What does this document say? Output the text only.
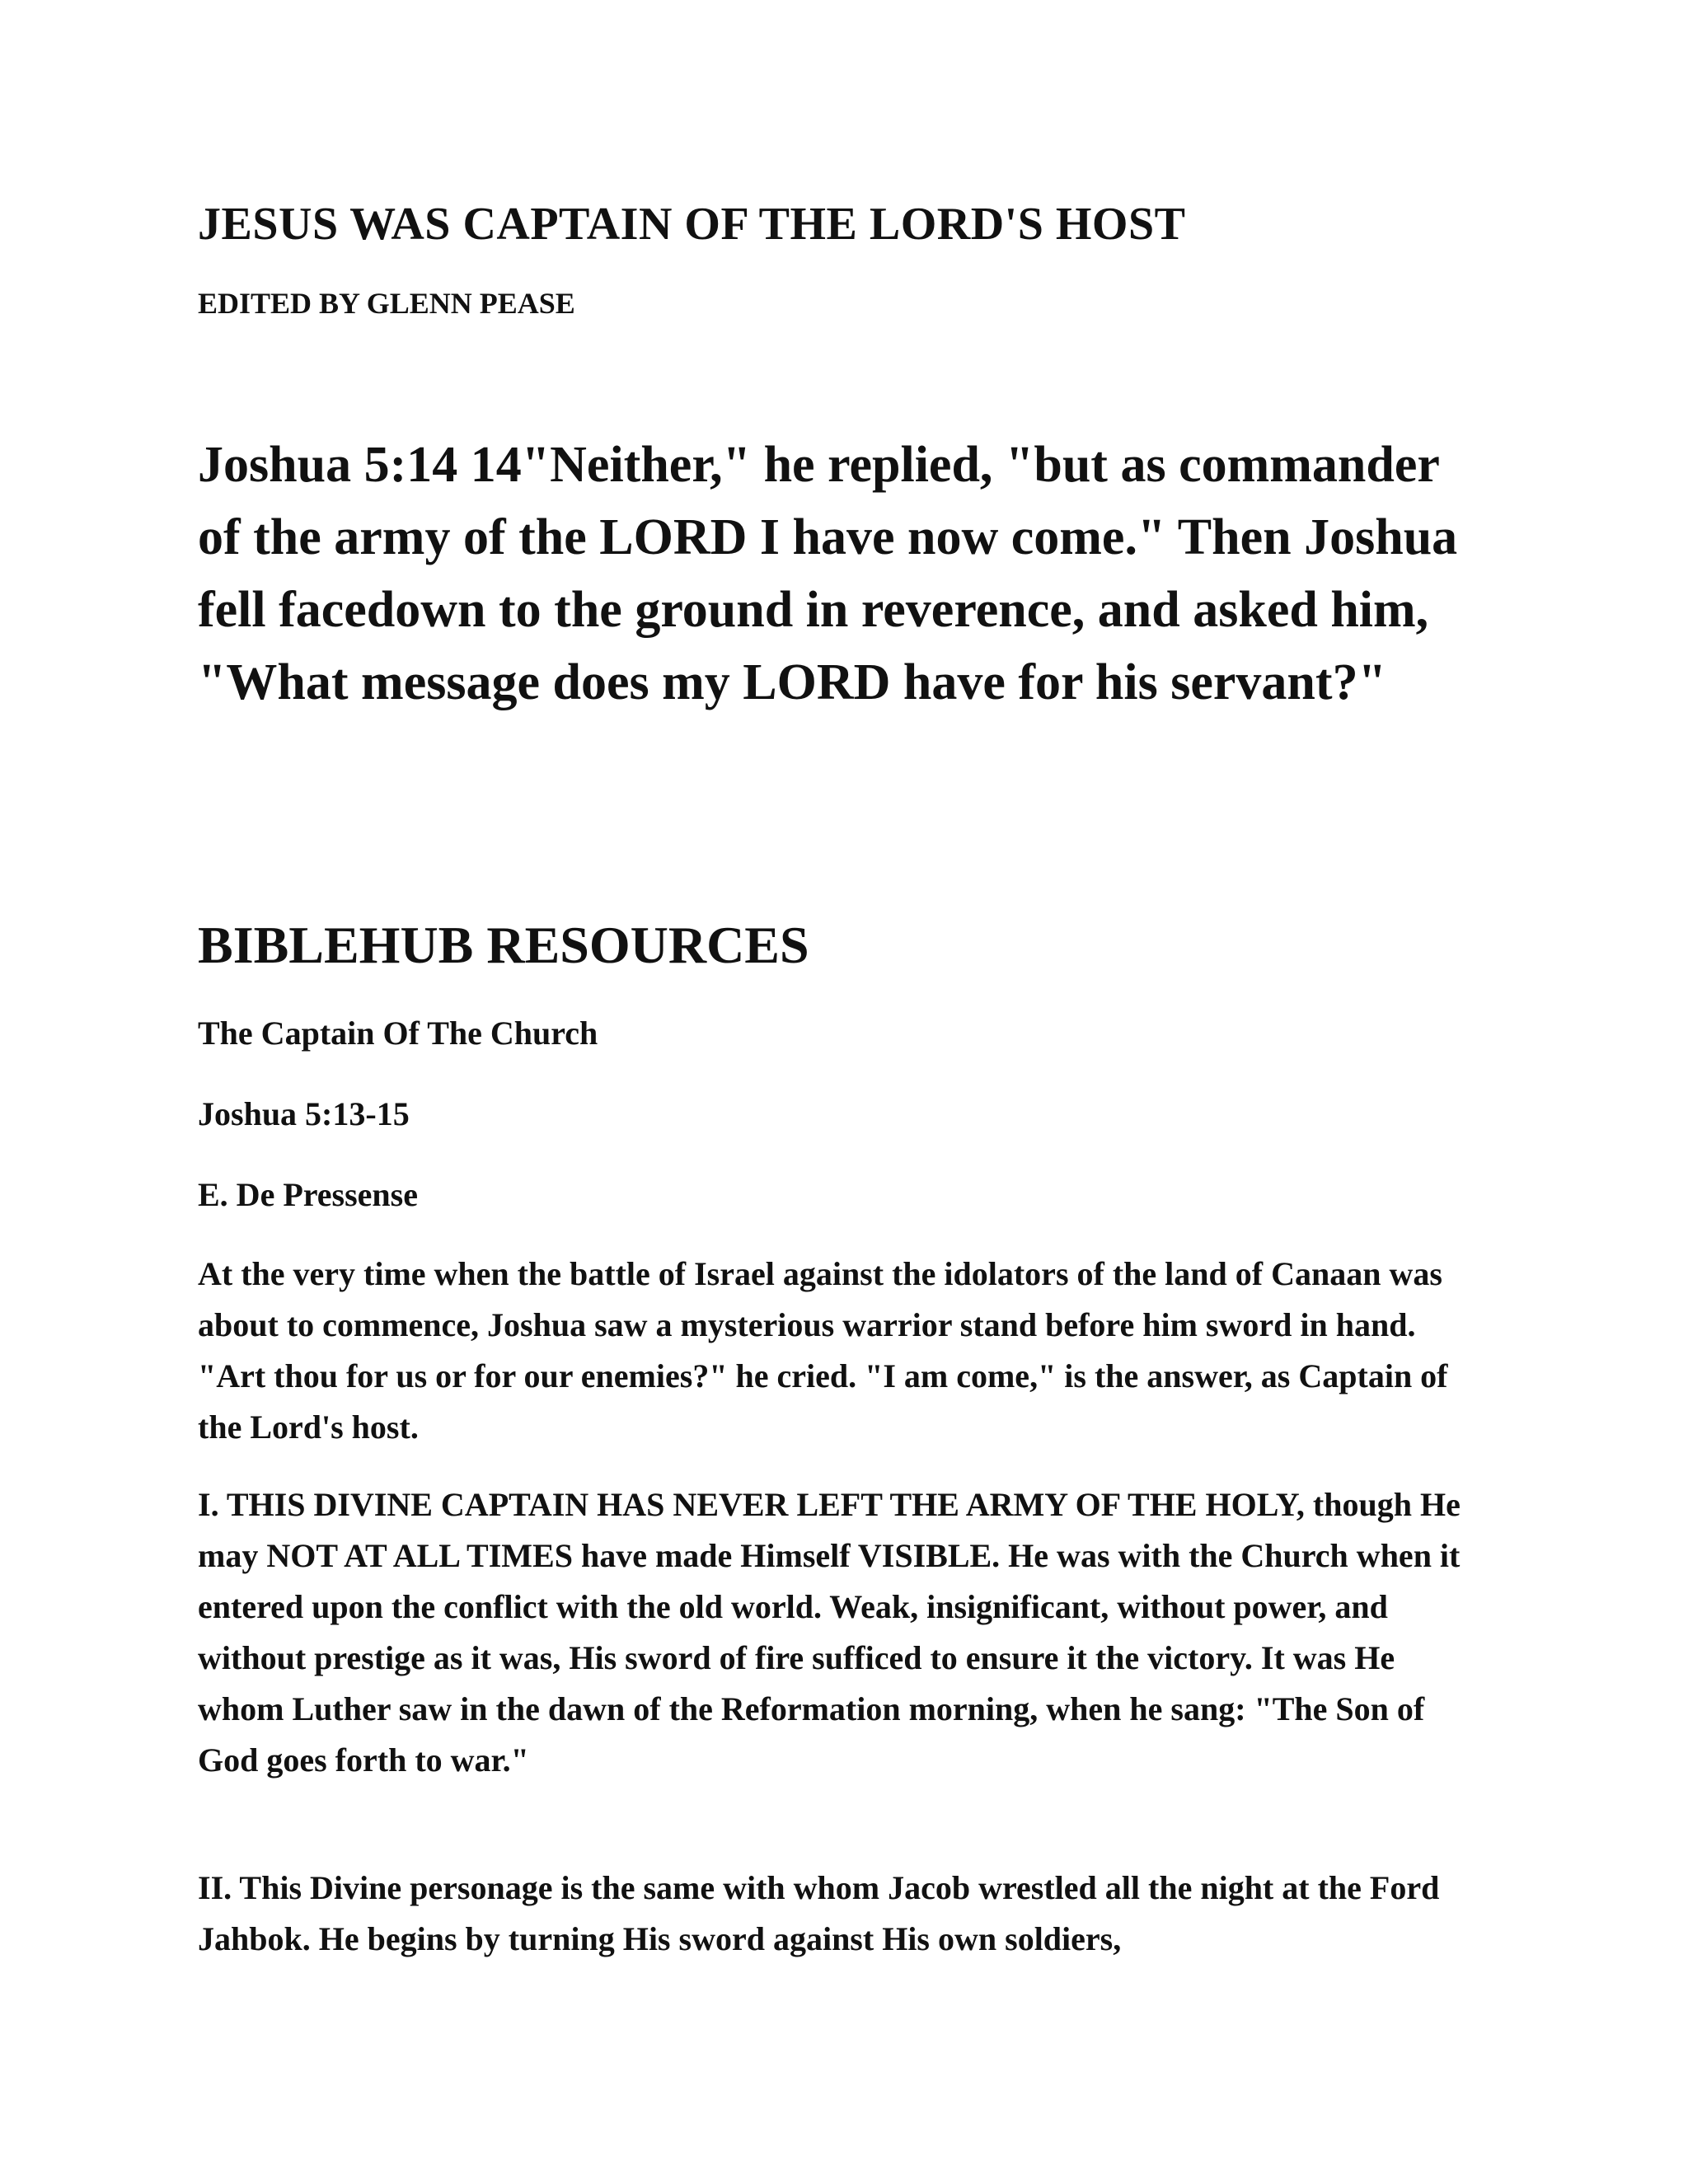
JESUS WAS CAPTAIN OF THE LORD'S HOST

EDITED BY GLENN PEASE

Joshua 5:14 14"Neither," he replied, "but as commander of the army of the LORD I have now come." Then Joshua fell facedown to the ground in reverence, and asked him, "What message does my LORD have for his servant?"

BIBLEHUB RESOURCES

The Captain Of The Church

Joshua 5:13-15

E. De Pressense

At the very time when the battle of Israel against the idolators of the land of Canaan was about to commence, Joshua saw a mysterious warrior stand before him sword in hand. "Art thou for us or for our enemies?" he cried. "I am come," is the answer, as Captain of the Lord's host.

I. THIS DIVINE CAPTAIN HAS NEVER LEFT THE ARMY OF THE HOLY, though He may NOT AT ALL TIMES have made Himself VISIBLE. He was with the Church when it entered upon the conflict with the old world. Weak, insignificant, without power, and without prestige as it was, His sword of fire sufficed to ensure it the victory. It was He whom Luther saw in the dawn of the Reformation morning, when he sang: "The Son of God goes forth to war."

II. This Divine personage is the same with whom Jacob wrestled all the night at the Ford Jahbok. He begins by turning His sword against His own soldiers,
